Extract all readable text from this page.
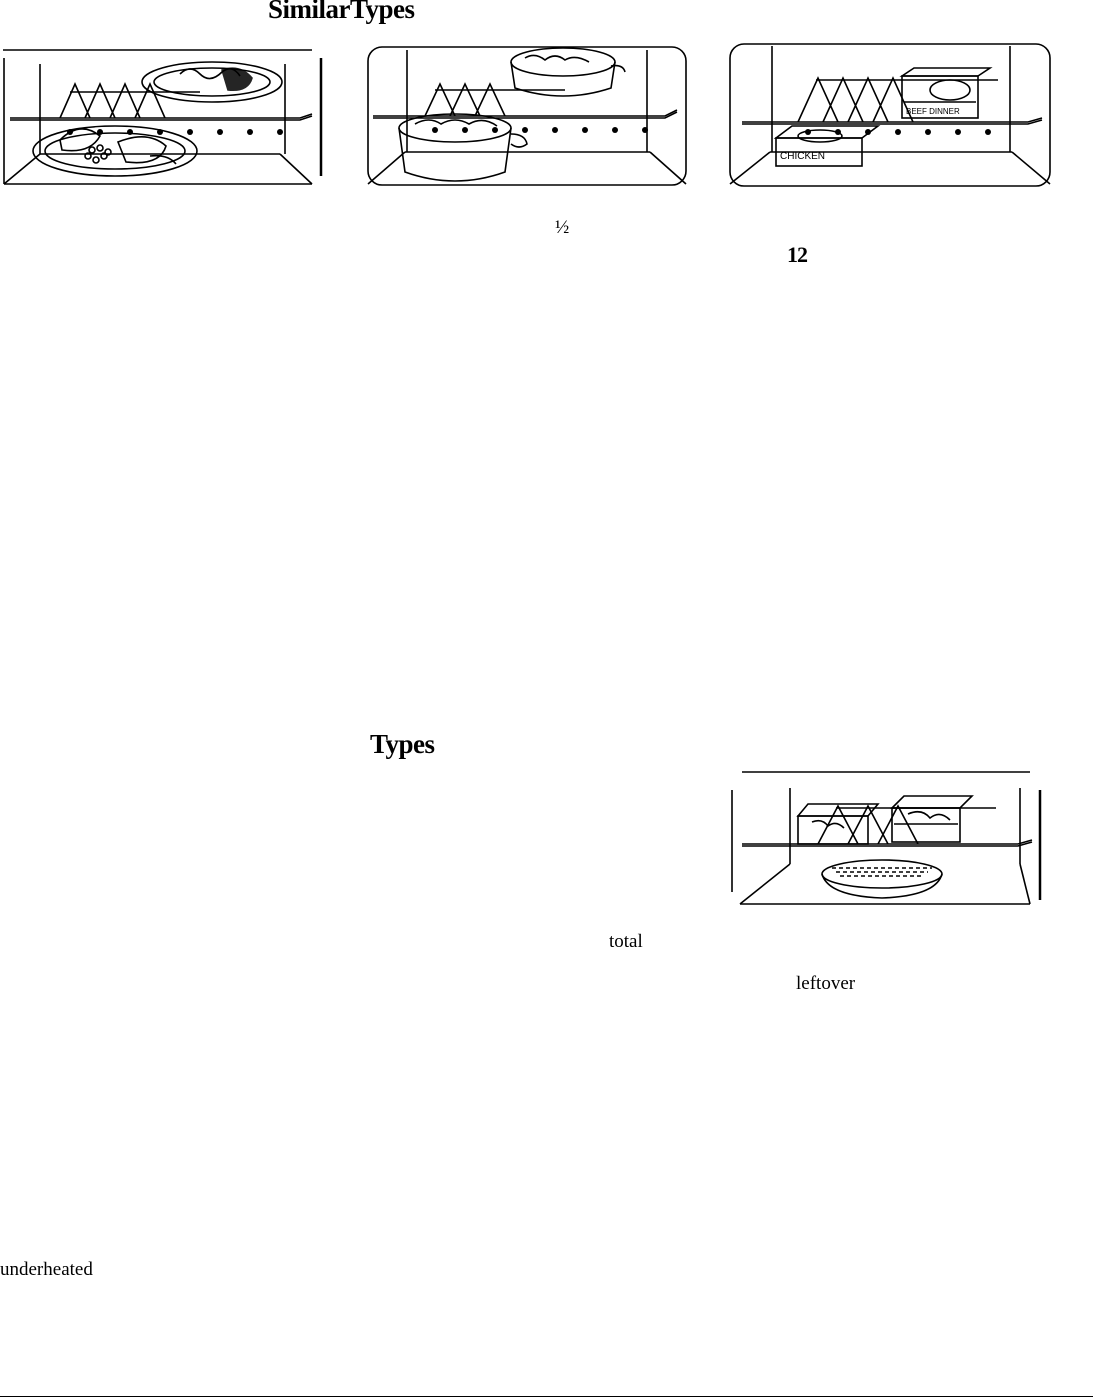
SimilarTypes
Types
½
12
total
leftover
underheated
BEEF DINNER
CHICKEN
